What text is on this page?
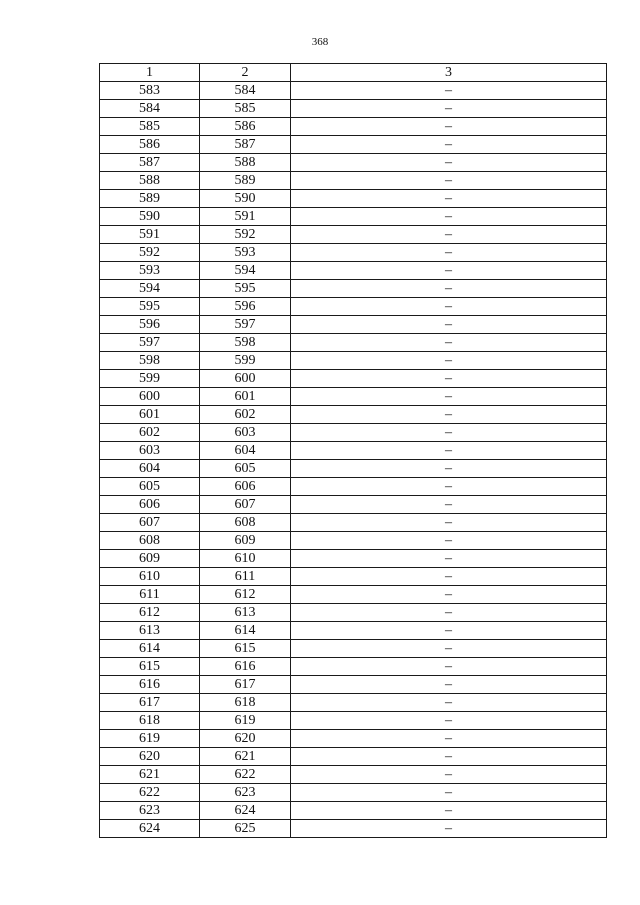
368
1	2	3
583	584	–
584	585	–
585	586	–
586	587	–
587	588	–
588	589	–
589	590	–
590	591	–
591	592	–
592	593	–
593	594	–
594	595	–
595	596	–
596	597	–
597	598	–
598	599	–
599	600	–
600	601	–
601	602	–
602	603	–
603	604	–
604	605	–
605	606	–
606	607	–
607	608	–
608	609	–
609	610	–
610	611	–
611	612	–
612	613	–
613	614	–
614	615	–
615	616	–
616	617	–
617	618	–
618	619	–
619	620	–
620	621	–
621	622	–
622	623	–
623	624	–
624	625	–
